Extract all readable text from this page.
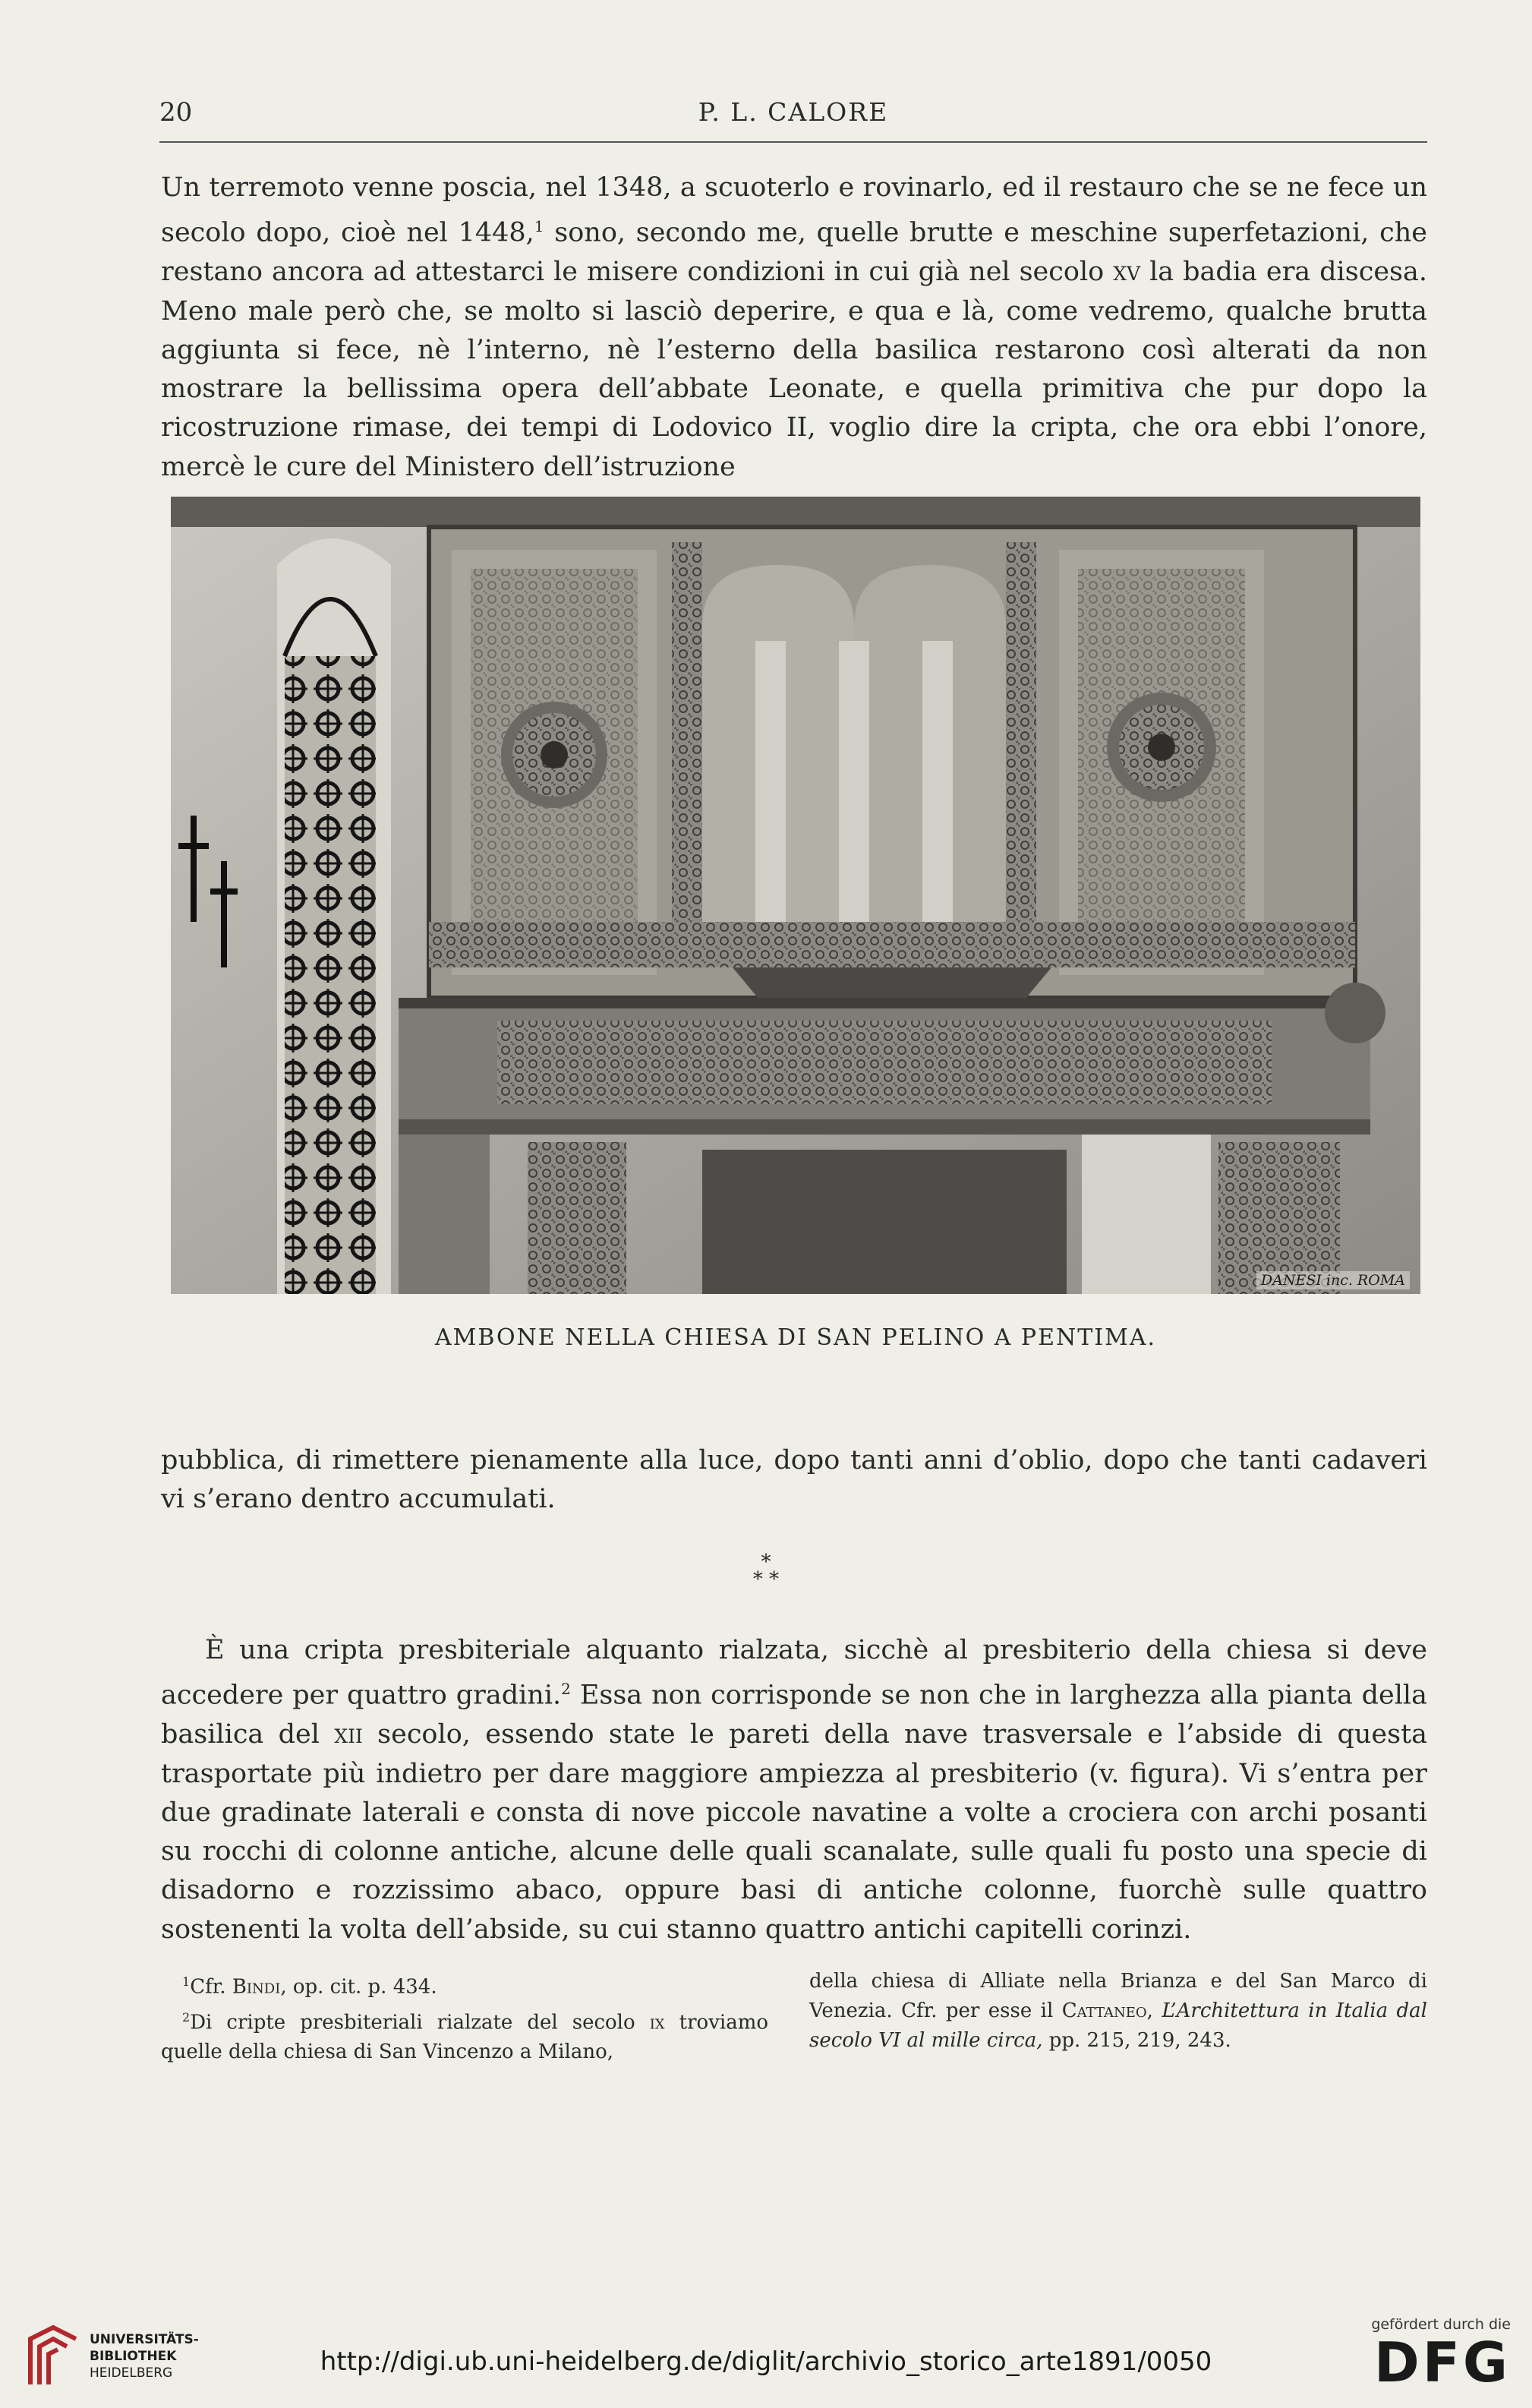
20	P. L. CALORE

Un terremoto venne poscia, nel 1348, a scuoterlo e rovinarlo, ed il restauro che se ne fece un secolo dopo, cioè nel 1448,$^1$ sono, secondo me, quelle brutte e meschine superfetazioni, che restano ancora ad attestarci le misere condizioni in cui già nel secolo xv la badia era discesa. Meno male però che, se molto si lasciò deperire, e qua e là, come vedremo, qualche brutta aggiunta si fece, nè l’interno, nè l’esterno della basilica restarono così alterati da non mostrare la bellissima opera dell’abbate Leonate, e quella primitiva che pur dopo la ricostruzione rimase, dei tempi di Lodovico II, voglio dire la cripta, che ora ebbi l’onore, mercè le cure del Ministero dell’istruzione

DANESI inc. ROMA
AMBONE NELLA CHIESA DI SAN PELINO A PENTIMA.

pubblica, di rimettere pienamente alla luce, dopo tanti anni d’oblio, dopo che tanti cadaveri vi s’erano dentro accumulati.

*
* *

È una cripta presbiteriale alquanto rialzata, sicchè al presbiterio della chiesa si deve accedere per quattro gradini.$^2$ Essa non corrisponde se non che in larghezza alla pianta della basilica del xii secolo, essendo state le pareti della nave trasversale e l’abside di questa trasportate più indietro per dare maggiore ampiezza al presbiterio (v. figura). Vi s’entra per due gradinate laterali e consta di nove piccole navatine a volte a crociera con archi posanti su rocchi di colonne antiche, alcune delle quali scanalate, sulle quali fu posto una specie di disadorno e rozzissimo abaco, oppure basi di antiche colonne, fuorchè sulle quattro sostenenti la volta dell’abside, su cui stanno quattro antichi capitelli corinzi.

$^1$Cfr. Bindi, op. cit. p. 434.

$^2$Di cripte presbiteriali rialzate del secolo ix troviamo quelle della chiesa di San Vincenzo a Milano,

della chiesa di Alliate nella Brianza e del San Marco di Venezia. Cfr. per esse il Cattaneo, L’Architettura in Italia dal secolo VI al mille circa, pp. 215, 219, 243.

UNIVERSITÄTS-
BIBLIOTHEK
HEIDELBERG	http://digi.ub.uni-heidelberg.de/diglit/archivio_storico_arte1891/0050
gefördert durch die
DFG
